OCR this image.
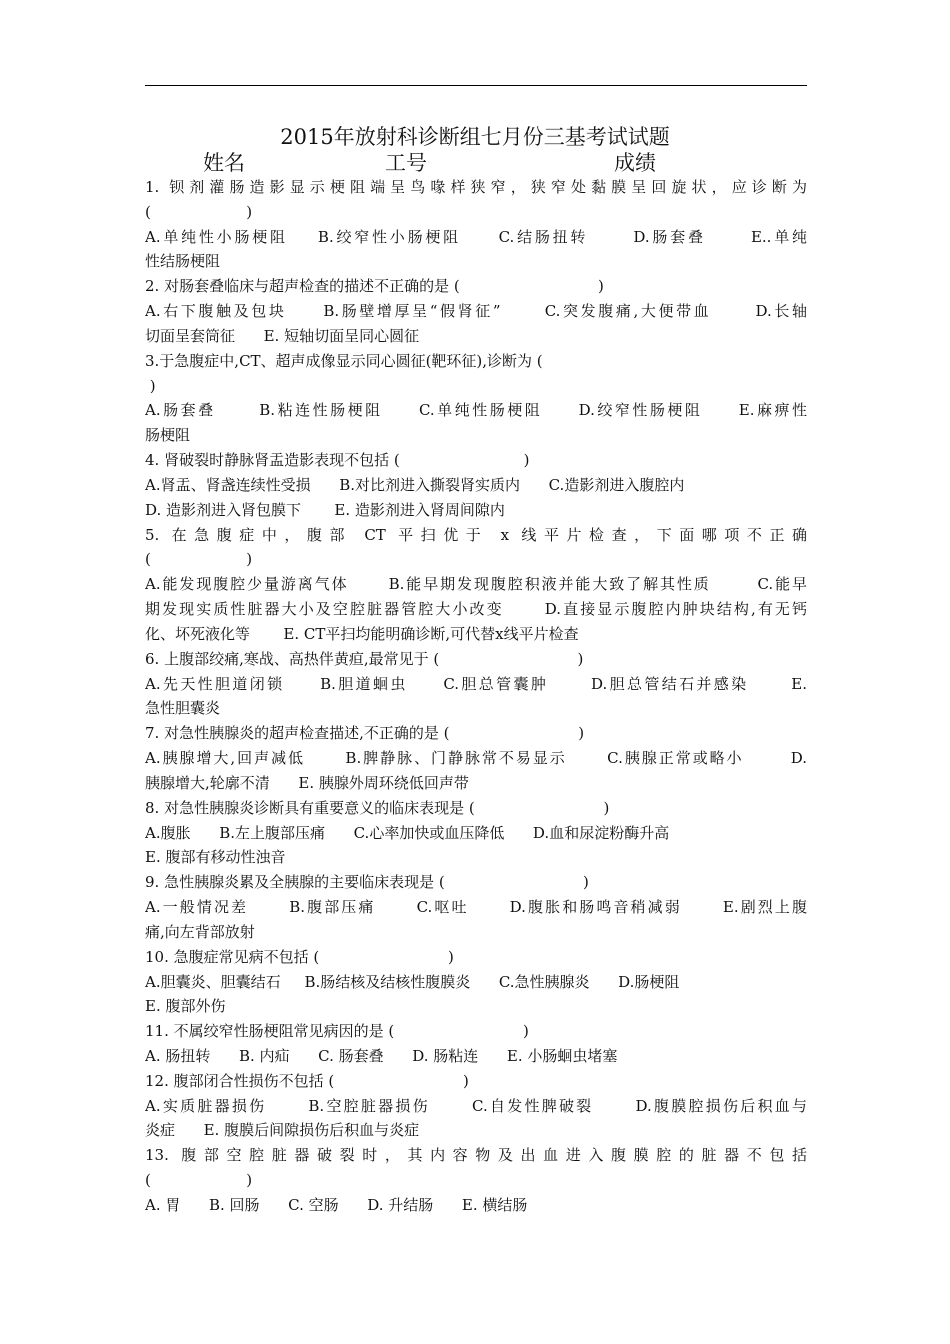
2015年放射科诊断组七月份三基考试试题
姓名	工号	成绩
1. 钡剂灌肠造影显示梗阻端呈鸟喙样狭窄，狭窄处黏膜呈回旋状，应诊断为
(                    )
A.单纯性小肠梗阻    B.绞窄性小肠梗阻     C.结肠扭转      D.肠套叠      E..单纯
性结肠梗阻
2. 对肠套叠临床与超声检查的描述不正确的是 (                             )
A.右下腹触及包块     B.肠壁增厚呈“假肾征”      C.突发腹痛,大便带血      D.长轴
切面呈套筒征      E. 短轴切面呈同心圆征
3.于急腹症中,CT、超声成像显示同心圆征(靶环征),诊断为 (
)
A.肠套叠      B.粘连性肠梗阻     C.单纯性肠梗阻     D.绞窄性肠梗阻     E.麻痹性
肠梗阻
4. 肾破裂时静脉肾盂造影表现不包括 (                          )
A.肾盂、肾盏连续性受损      B.对比剂进入撕裂肾实质内      C.造影剂进入腹腔内
D. 造影剂进入肾包膜下       E. 造影剂进入肾周间隙内
5. 在急腹症中，腹部 CT 平扫优于 x 线平片检查，下面哪项不正确
(                    )
A.能发现腹腔少量游离气体      B.能早期发现腹腔积液并能大致了解其性质       C.能早
期发现实质性脏器大小及空腔脏器管腔大小改变      D.直接显示腹腔内肿块结构,有无钙
化、坏死液化等       E. CT平扫均能明确诊断,可代替x线平片检查
6. 上腹部绞痛,寒战、高热伴黄疸,最常见于 (                             )
A.先天性胆道闭锁     B.胆道蛔虫     C.胆总管囊肿      D.胆总管结石并感染      E.
急性胆囊炎
7. 对急性胰腺炎的超声检查描述,不正确的是 (                           )
A.胰腺增大,回声减低      B.脾静脉、门静脉常不易显示      C.胰腺正常或略小       D.
胰腺增大,轮廓不清      E. 胰腺外周环绕低回声带
8. 对急性胰腺炎诊断具有重要意义的临床表现是 (                           )
A.腹胀      B.左上腹部压痛      C.心率加快或血压降低      D.血和尿淀粉酶升高
E. 腹部有移动性浊音
9. 急性胰腺炎累及全胰腺的主要临床表现是 (                             )
A.一般情况差      B.腹部压痛      C.呕吐      D.腹胀和肠鸣音稍减弱      E.剧烈上腹
痛,向左背部放射
10. 急腹症常见病不包括 (                           )
A.胆囊炎、胆囊结石     B.肠结核及结核性腹膜炎      C.急性胰腺炎      D.肠梗阻
E. 腹部外伤
11. 不属绞窄性肠梗阻常见病因的是 (                           )
A. 肠扭转      B. 内疝      C. 肠套叠      D. 肠粘连      E. 小肠蛔虫堵塞
12. 腹部闭合性损伤不包括 (                           )
A.实质脏器损伤      B.空腔脏器损伤      C.自发性脾破裂      D.腹膜腔损伤后积血与
炎症      E. 腹膜后间隙损伤后积血与炎症
13. 腹部空腔脏器破裂时，其内容物及出血进入腹膜腔的脏器不包括
(                    )
A. 胃      B. 回肠      C. 空肠      D. 升结肠      E. 横结肠
